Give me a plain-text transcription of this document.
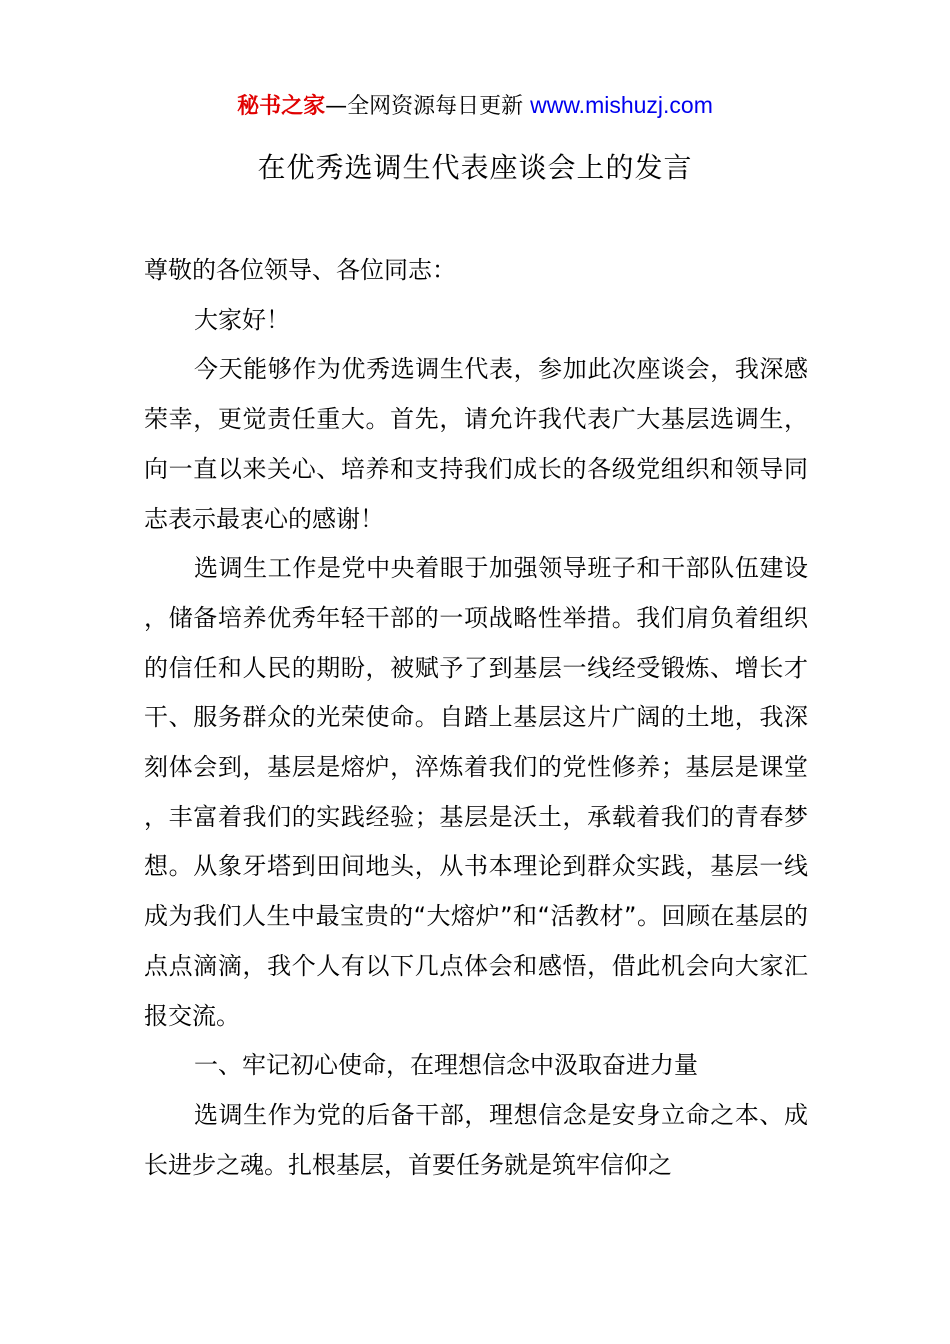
秘书之家—全网资源每日更新 www.mishuzj.com
在优秀选调生代表座谈会上的发言

尊敬的各位领导、各位同志：

大家好！

今天能够作为优秀选调生代表，参加此次座谈会，我深感荣幸，更觉责任重大。首先，请允许我代表广大基层选调生，向一直以来关心、培养和支持我们成长的各级党组织和领导同志表示最衷心的感谢！

选调生工作是党中央着眼于加强领导班子和干部队伍建设，储备培养优秀年轻干部的一项战略性举措。我们肩负着组织的信任和人民的期盼，被赋予了到基层一线经受锻炼、增长才干、服务群众的光荣使命。自踏上基层这片广阔的土地，我深刻体会到，基层是熔炉，淬炼着我们的党性修养；基层是课堂，丰富着我们的实践经验；基层是沃土，承载着我们的青春梦想。从象牙塔到田间地头，从书本理论到群众实践，基层一线成为我们人生中最宝贵的“大熔炉”和“活教材”。回顾在基层的点点滴滴，我个人有以下几点体会和感悟，借此机会向大家汇报交流。

一、牢记初心使命，在理想信念中汲取奋进力量

选调生作为党的后备干部，理想信念是安身立命之本、成长进步之魂。扎根基层，首要任务就是筑牢信仰之
